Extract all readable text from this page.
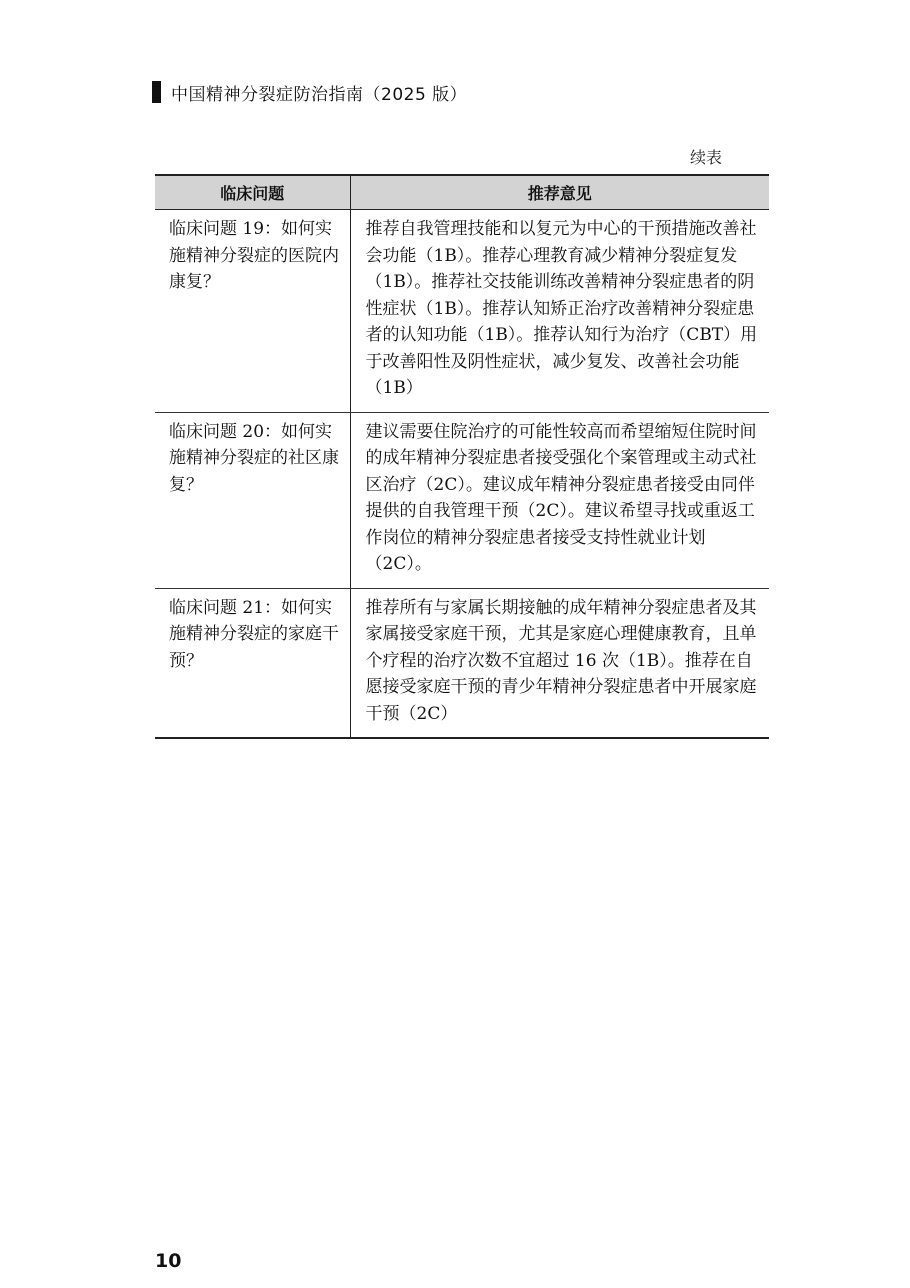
中国精神分裂症防治指南（2025 版）
续表
临床问题	推荐意见
临床问题 19：如何实施精神分裂症的医院内康复？	推荐自我管理技能和以复元为中心的干预措施改善社会功能（1B）。推荐心理教育减少精神分裂症复发（1B）。推荐社交技能训练改善精神分裂症患者的阴性症状（1B）。推荐认知矫正治疗改善精神分裂症患者的认知功能（1B）。推荐认知行为治疗（CBT）用于改善阳性及阴性症状，减少复发、改善社会功能（1B）
临床问题 20：如何实施精神分裂症的社区康复？	建议需要住院治疗的可能性较高而希望缩短住院时间的成年精神分裂症患者接受强化个案管理或主动式社区治疗（2C）。建议成年精神分裂症患者接受由同伴提供的自我管理干预（2C）。建议希望寻找或重返工作岗位的精神分裂症患者接受支持性就业计划（2C）。
临床问题 21：如何实施精神分裂症的家庭干预？	推荐所有与家属长期接触的成年精神分裂症患者及其家属接受家庭干预，尤其是家庭心理健康教育，且单个疗程的治疗次数不宜超过 16 次（1B）。推荐在自愿接受家庭干预的青少年精神分裂症患者中开展家庭干预（2C）
10
